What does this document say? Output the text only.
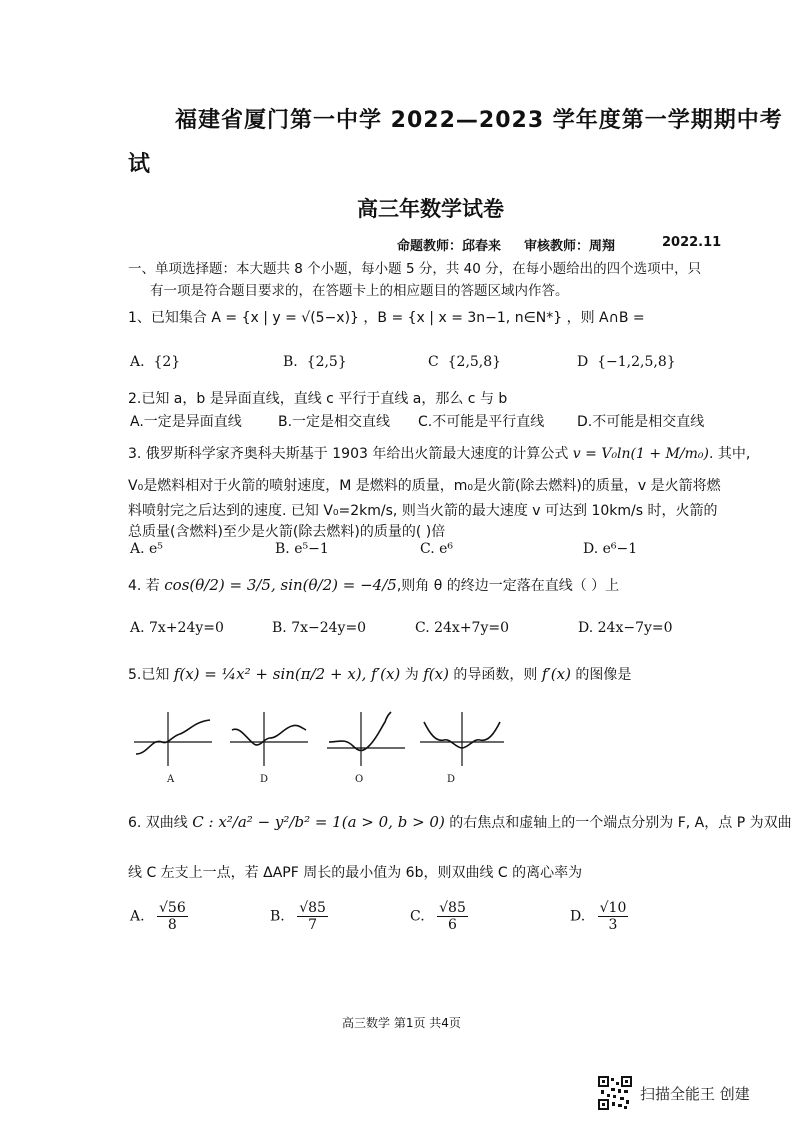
福建省厦门第一中学 2022—2023 学年度第一学期期中考
试
高三年数学试卷
命题教师：邱春来 审核教师：周翔	2022.11
一、单项选择题：本大题共 8 个小题，每小题 5 分，共 40 分，在每小题给出的四个选项中，只
有一项是符合题目要求的，在答题卡上的相应题目的答题区域内作答。
1、已知集合 A = {x | y = √(5−x)} ，B = {x | x = 3n−1, n∈N*} ，则 A∩B =
A. {2}	B. {2,5}	C {2,5,8}	D {−1,2,5,8}
2.已知 a，b 是异面直线，直线 c 平行于直线 a，那么 c 与 b
A.一定是异面直线	B.一定是相交直线 C.不可能是平行直线 D.不可能是相交直线
3. 俄罗斯科学家齐奥科夫斯基于 1903 年给出火箭最大速度的计算公式 v = V₀ln(1 + M/m₀). 其中,
V₀是燃料相对于火箭的喷射速度，M 是燃料的质量，m₀是火箭(除去燃料)的质量，v 是火箭将燃
料喷射完之后达到的速度. 已知 V₀=2km/s, 则当火箭的最大速度 v 可达到 10km/s 时，火箭的
总质量(含燃料)至少是火箭(除去燃料)的质量的( )倍
A. e⁵	B. e⁵−1	C. e⁶	D. e⁶−1
4. 若 cos(θ/2) = 3/5, sin(θ/2) = −4/5,则角 θ 的终边一定落在直线（ ）上
A. 7x+24y=0	B. 7x−24y=0	C. 24x+7y=0	D. 24x−7y=0
5.已知 f(x) = ¼x² + sin(π/2 + x), f′(x) 为 f(x) 的导函数，则 f′(x) 的图像是
A	D	O	D
6. 双曲线 C : x²/a² − y²/b² = 1(a > 0, b > 0) 的右焦点和虚轴上的一个端点分别为 F, A，点 P 为双曲
线 C 左支上一点，若 ΔAPF 周长的最小值为 6b，则双曲线 C 的离心率为
A. $\frac{√56}{8}$	B. $\frac{√85}{7}$	C. $\frac{√85}{6}$	D. $\frac{√10}{3}$
高三数学 第1页 共4页
扫描全能王 创建
